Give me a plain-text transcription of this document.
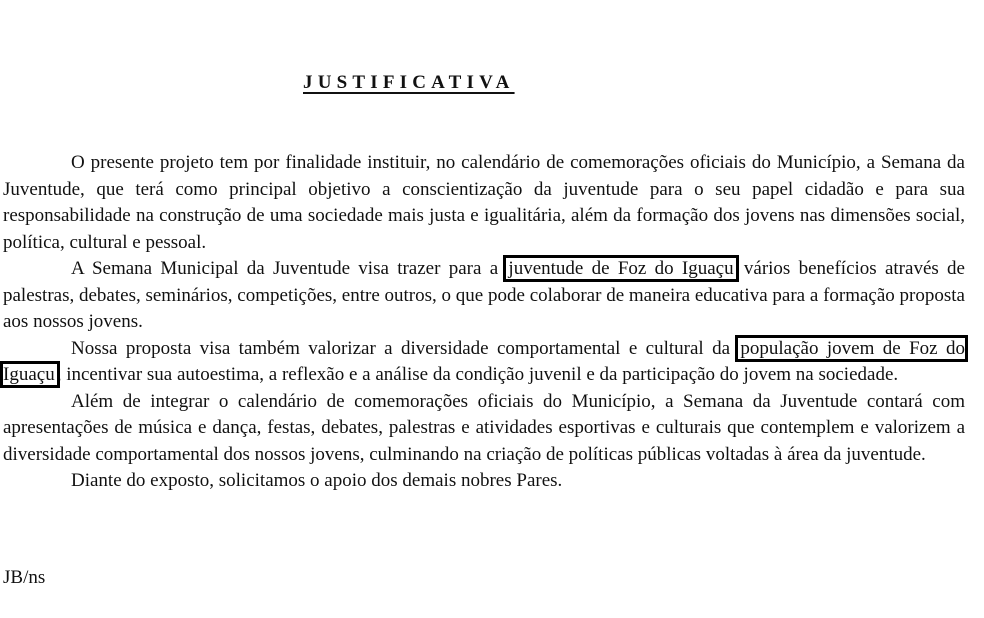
JUSTIFICATIVA

O presente projeto tem por finalidade instituir, no calendário de comemorações oficiais do Município, a Semana da Juventude, que terá como principal objetivo a conscientização da juventude para o seu papel cidadão e para sua responsabilidade na construção de uma sociedade mais justa e igualitária, além da formação dos jovens nas dimensões social, política, cultural e pessoal.

A Semana Municipal da Juventude visa trazer para a juventude de Foz do Iguaçu vários benefícios através de palestras, debates, seminários, competições, entre outros, o que pode colaborar de maneira educativa para a formação proposta aos nossos jovens.

Nossa proposta visa também valorizar a diversidade comportamental e cultural da população jovem de Foz do Iguaçu , incentivar sua autoestima, a reflexão e a análise da condição juvenil e da participação do jovem na sociedade.

Além de integrar o calendário de comemorações oficiais do Município, a Semana da Juventude contará com apresentações de música e dança, festas, debates, palestras e atividades esportivas e culturais que contemplem e valorizem a diversidade comportamental dos nossos jovens, culminando na criação de políticas públicas voltadas à área da juventude.

Diante do exposto, solicitamos o apoio dos demais nobres Pares.

JB/ns
